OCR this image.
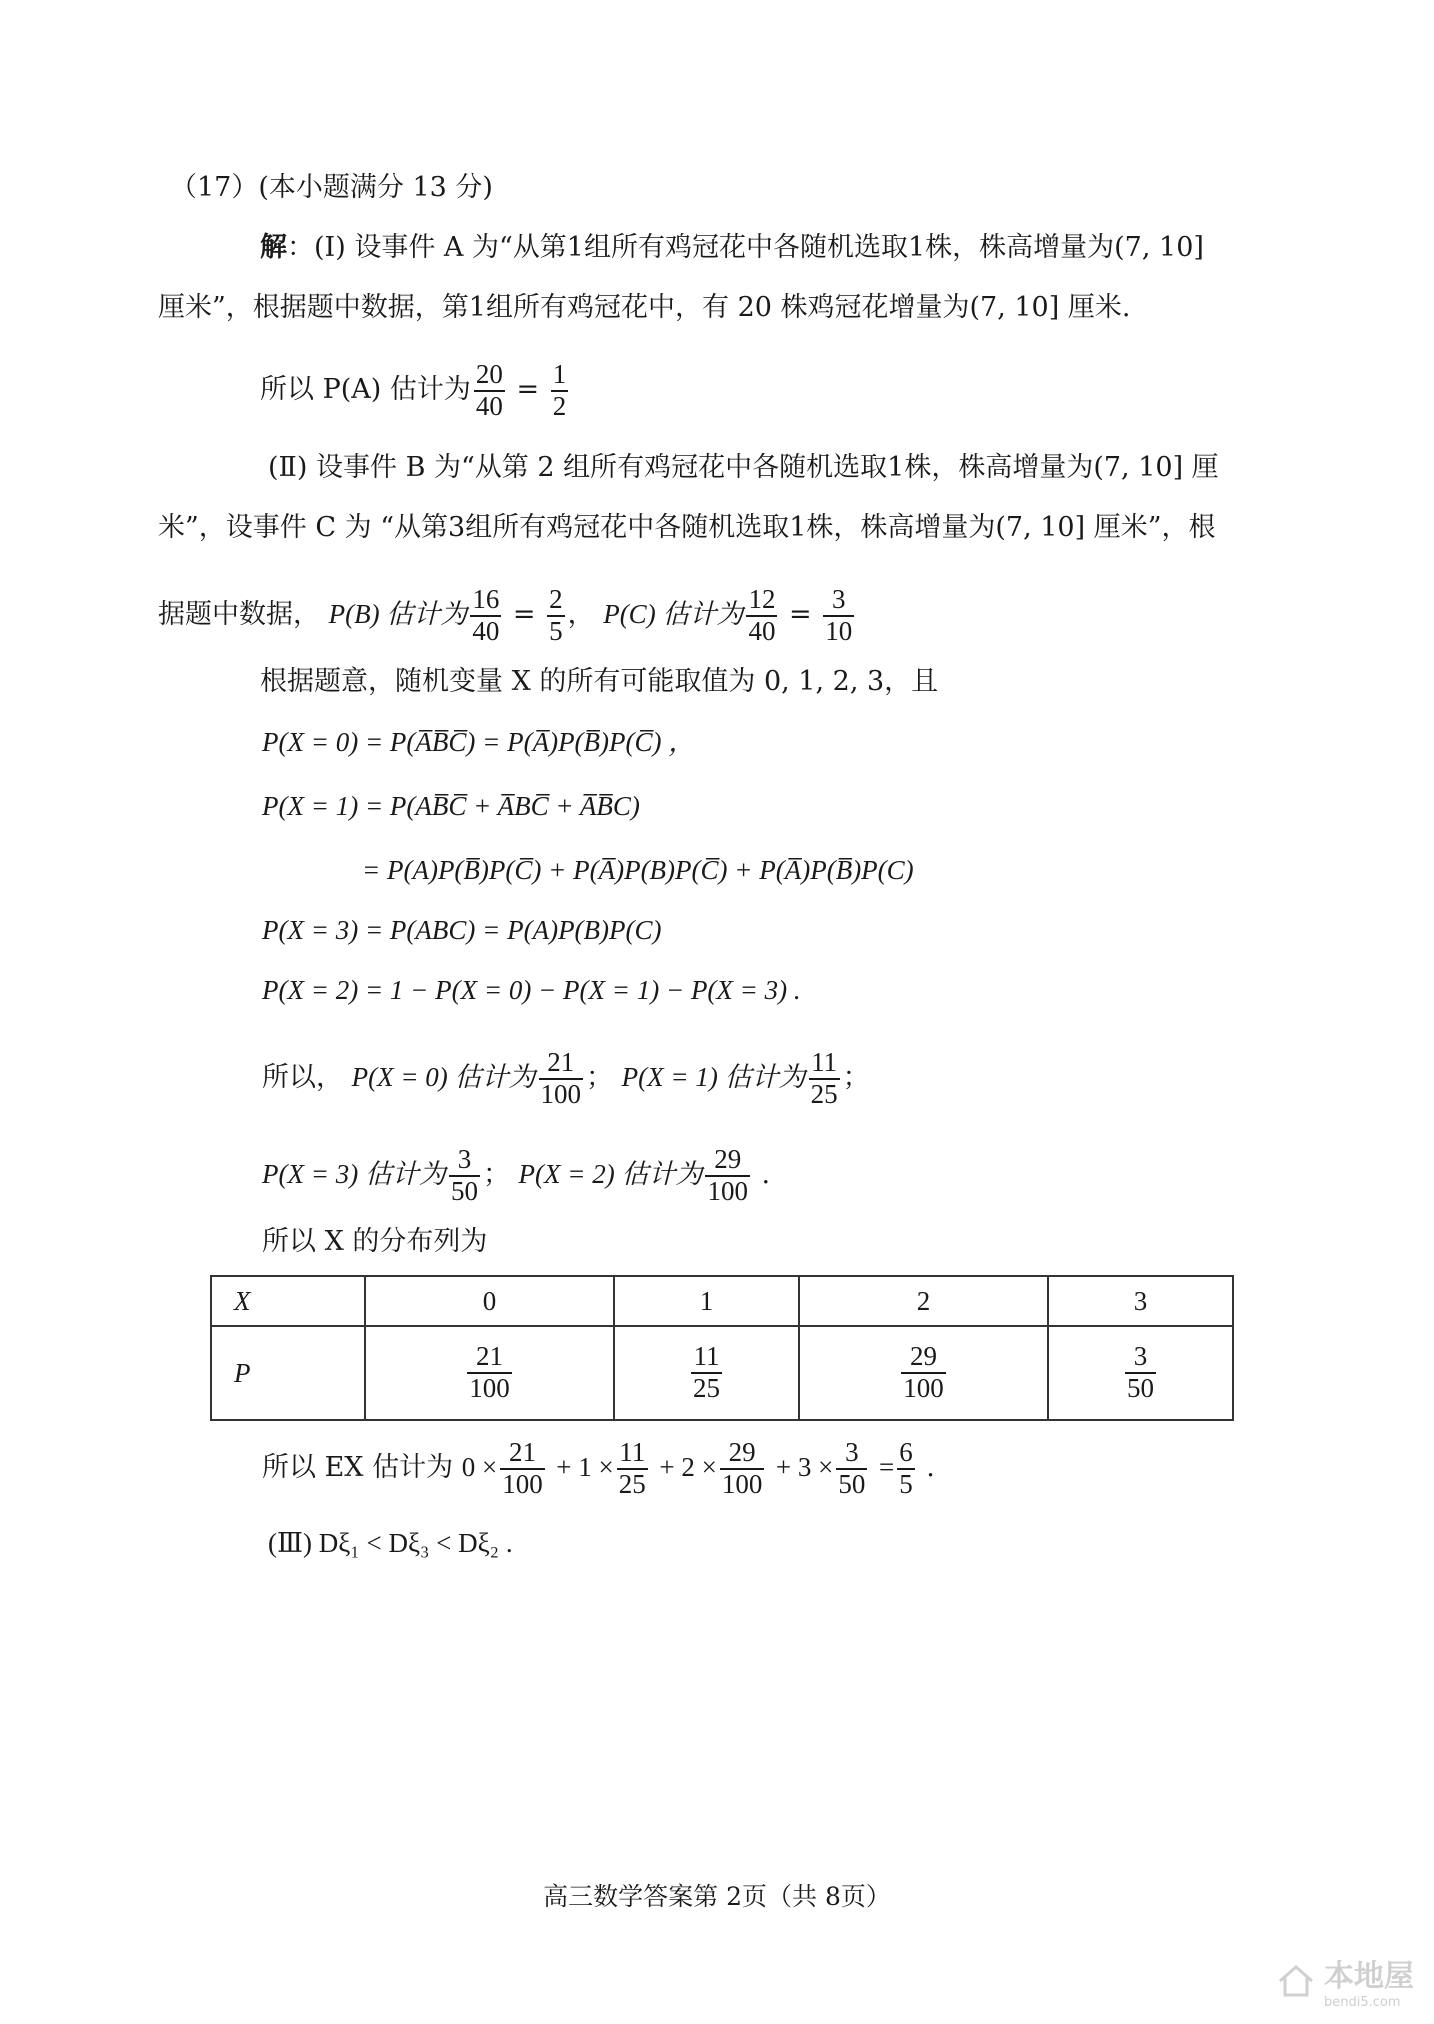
（17）(本小题满分 13 分)
解：(Ⅰ) 设事件 A 为“从第1组所有鸡冠花中各随机选取1株，株高增量为(7, 10]
厘米”，根据题中数据，第1组所有鸡冠花中，有 20 株鸡冠花增量为(7, 10] 厘米.
所以 P(A) 估计为 $\frac{20}{40} = \frac{1}{2}$
(Ⅱ) 设事件 B 为“从第 2 组所有鸡冠花中各随机选取1株，株高增量为(7, 10] 厘
米”，设事件 C 为 “从第3组所有鸡冠花中各随机选取1株，株高增量为(7, 10] 厘米”，根
据题中数据， P(B) 估计为 $\frac{16}{40} = \frac{2}{5}$ ， P(C) 估计为 $\frac{12}{40} = \frac{3}{10}$
根据题意，随机变量 X 的所有可能取值为 0, 1, 2, 3，且
P(X = 0) = P(A̅B̅C̅) = P(A̅)P(B̅)P(C̅) ，
P(X = 1) = P(AB̅C̅ + A̅BC̅ + A̅B̅C)
= P(A)P(B̅)P(C̅) + P(A̅)P(B)P(C̅) + P(A̅)P(B̅)P(C)
P(X = 3) = P(ABC) = P(A)P(B)P(C)
P(X = 2) = 1 − P(X = 0) − P(X = 1) − P(X = 3) .
所以， P(X = 0) 估计为 $\frac{21}{100}$ ； P(X = 1) 估计为 $\frac{11}{25}$ ；
P(X = 3) 估计为 $\frac{3}{50}$ ； P(X = 2) 估计为 $\frac{29}{100}$ .
所以 X 的分布列为
X	0	1	2	3
P	$\frac{21}{100}$	$\frac{11}{25}$	$\frac{29}{100}$	$\frac{3}{50}$
所以 EX 估计为 $0 \times \frac{21}{100} + 1 \times \frac{11}{25} + 2 \times \frac{29}{100} + 3 \times \frac{3}{50} = \frac{6}{5}$ .
(Ⅲ) Dξ₁ < Dξ₃ < Dξ₂ .
高三数学答案第 2页（共 8页）
本地屋
bendi5.com
